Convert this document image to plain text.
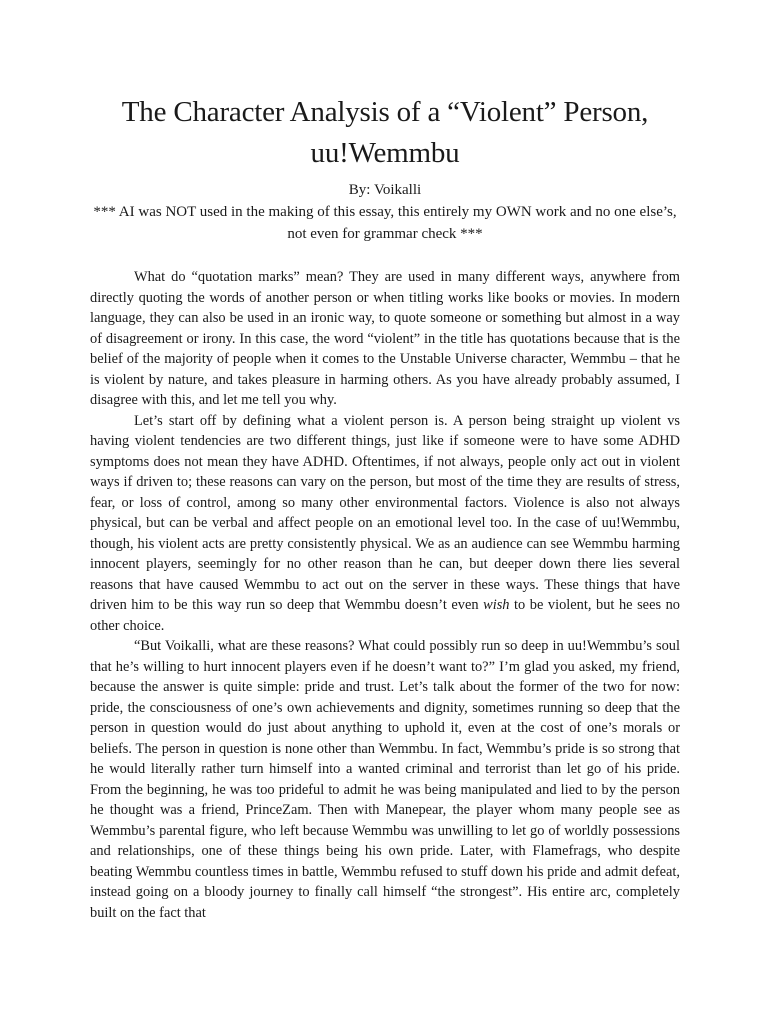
The Character Analysis of a “Violent” Person,
uu!Wemmbu
By: Voikalli
*** AI was NOT used in the making of this essay, this entirely my OWN work and no one else’s, not even for grammar check ***

What do “quotation marks” mean? They are used in many different ways, anywhere from directly quoting the words of another person or when titling works like books or movies. In modern language, they can also be used in an ironic way, to quote someone or something but almost in a way of disagreement or irony. In this case, the word “violent” in the title has quotations because that is the belief of the majority of people when it comes to the Unstable Universe character, Wemmbu – that he is violent by nature, and takes pleasure in harming others. As you have already probably assumed, I disagree with this, and let me tell you why.

Let’s start off by defining what a violent person is. A person being straight up violent vs having violent tendencies are two different things, just like if someone were to have some ADHD symptoms does not mean they have ADHD. Oftentimes, if not always, people only act out in violent ways if driven to; these reasons can vary on the person, but most of the time they are results of stress, fear, or loss of control, among so many other environmental factors. Violence is also not always physical, but can be verbal and affect people on an emotional level too. In the case of uu!Wemmbu, though, his violent acts are pretty consistently physical. We as an audience can see Wemmbu harming innocent players, seemingly for no other reason than he can, but deeper down there lies several reasons that have caused Wemmbu to act out on the server in these ways. These things that have driven him to be this way run so deep that Wemmbu doesn’t even wish to be violent, but he sees no other choice.

“But Voikalli, what are these reasons? What could possibly run so deep in uu!Wemmbu’s soul that he’s willing to hurt innocent players even if he doesn’t want to?” I’m glad you asked, my friend, because the answer is quite simple: pride and trust. Let’s talk about the former of the two for now: pride, the consciousness of one’s own achievements and dignity, sometimes running so deep that the person in question would do just about anything to uphold it, even at the cost of one’s morals or beliefs. The person in question is none other than Wemmbu. In fact, Wemmbu’s pride is so strong that he would literally rather turn himself into a wanted criminal and terrorist than let go of his pride. From the beginning, he was too prideful to admit he was being manipulated and lied to by the person he thought was a friend, PrinceZam. Then with Manepear, the player whom many people see as Wemmbu’s parental figure, who left because Wemmbu was unwilling to let go of worldly possessions and relationships, one of these things being his own pride. Later, with Flamefrags, who despite beating Wemmbu countless times in battle, Wemmbu refused to stuff down his pride and admit defeat, instead going on a bloody journey to finally call himself “the strongest”. His entire arc, completely built on the fact that
